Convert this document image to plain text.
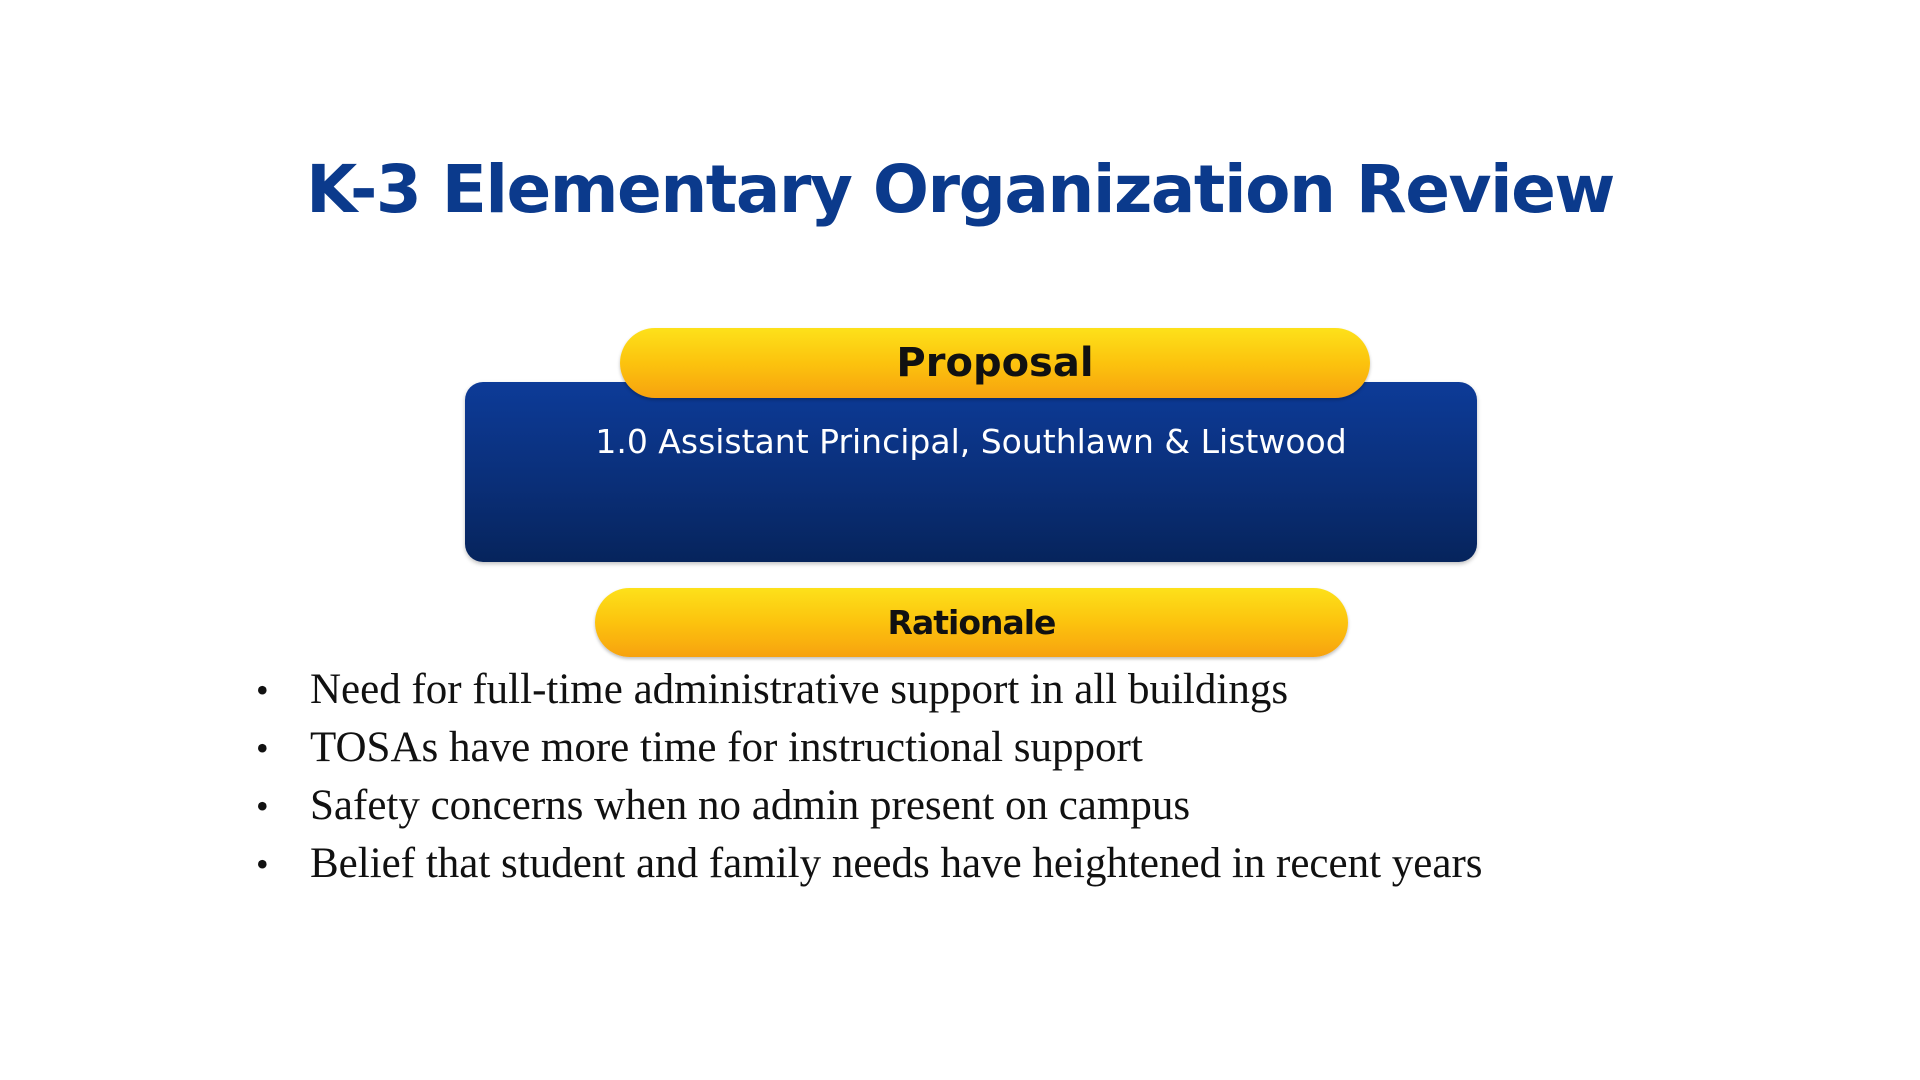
K-3 Elementary Organization Review
1.0 Assistant Principal, Southlawn & Listwood
Proposal
Rationale
• Need for full-time administrative support in all buildings
• TOSAs have more time for instructional support
• Safety concerns when no admin present on campus
• Belief that student and family needs have heightened in recent years
